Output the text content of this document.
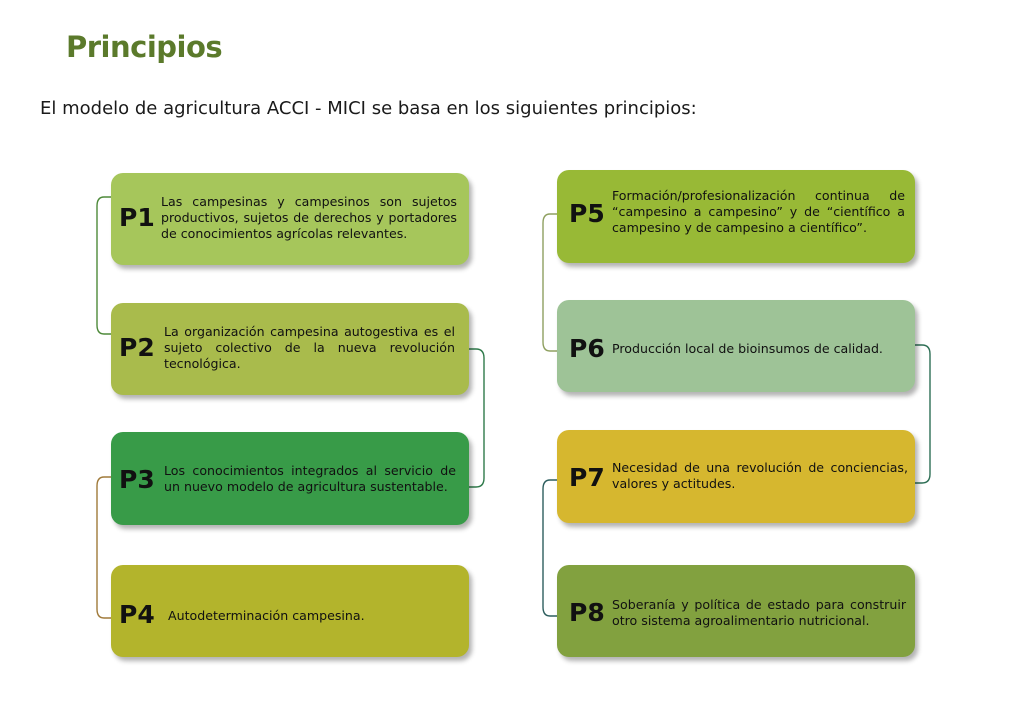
Principios
El modelo de agricultura ACCI - MICI se basa en los siguientes principios:
P1
Las campesinas y campesinos son sujetos productivos, sujetos de derechos y portadores de conocimientos agrícolas relevantes.
P2
La organización campesina autogestiva es el sujeto colectivo de la nueva revolución tecnológica.
P3 Los conocimientos integrados al servicio de un nuevo modelo de agricultura sustentable.
P4 Autodeterminación campesina.
P5
Formación/profesionalización continua de “campesino a campesino” y de “científico a campesino y de campesino a científico”.
P6 Producción local de bioinsumos de calidad.
P7 Necesidad de una revolución de conciencias, valores y actitudes.
P8 Soberanía y política de estado para construir otro sistema agroalimentario nutricional.
